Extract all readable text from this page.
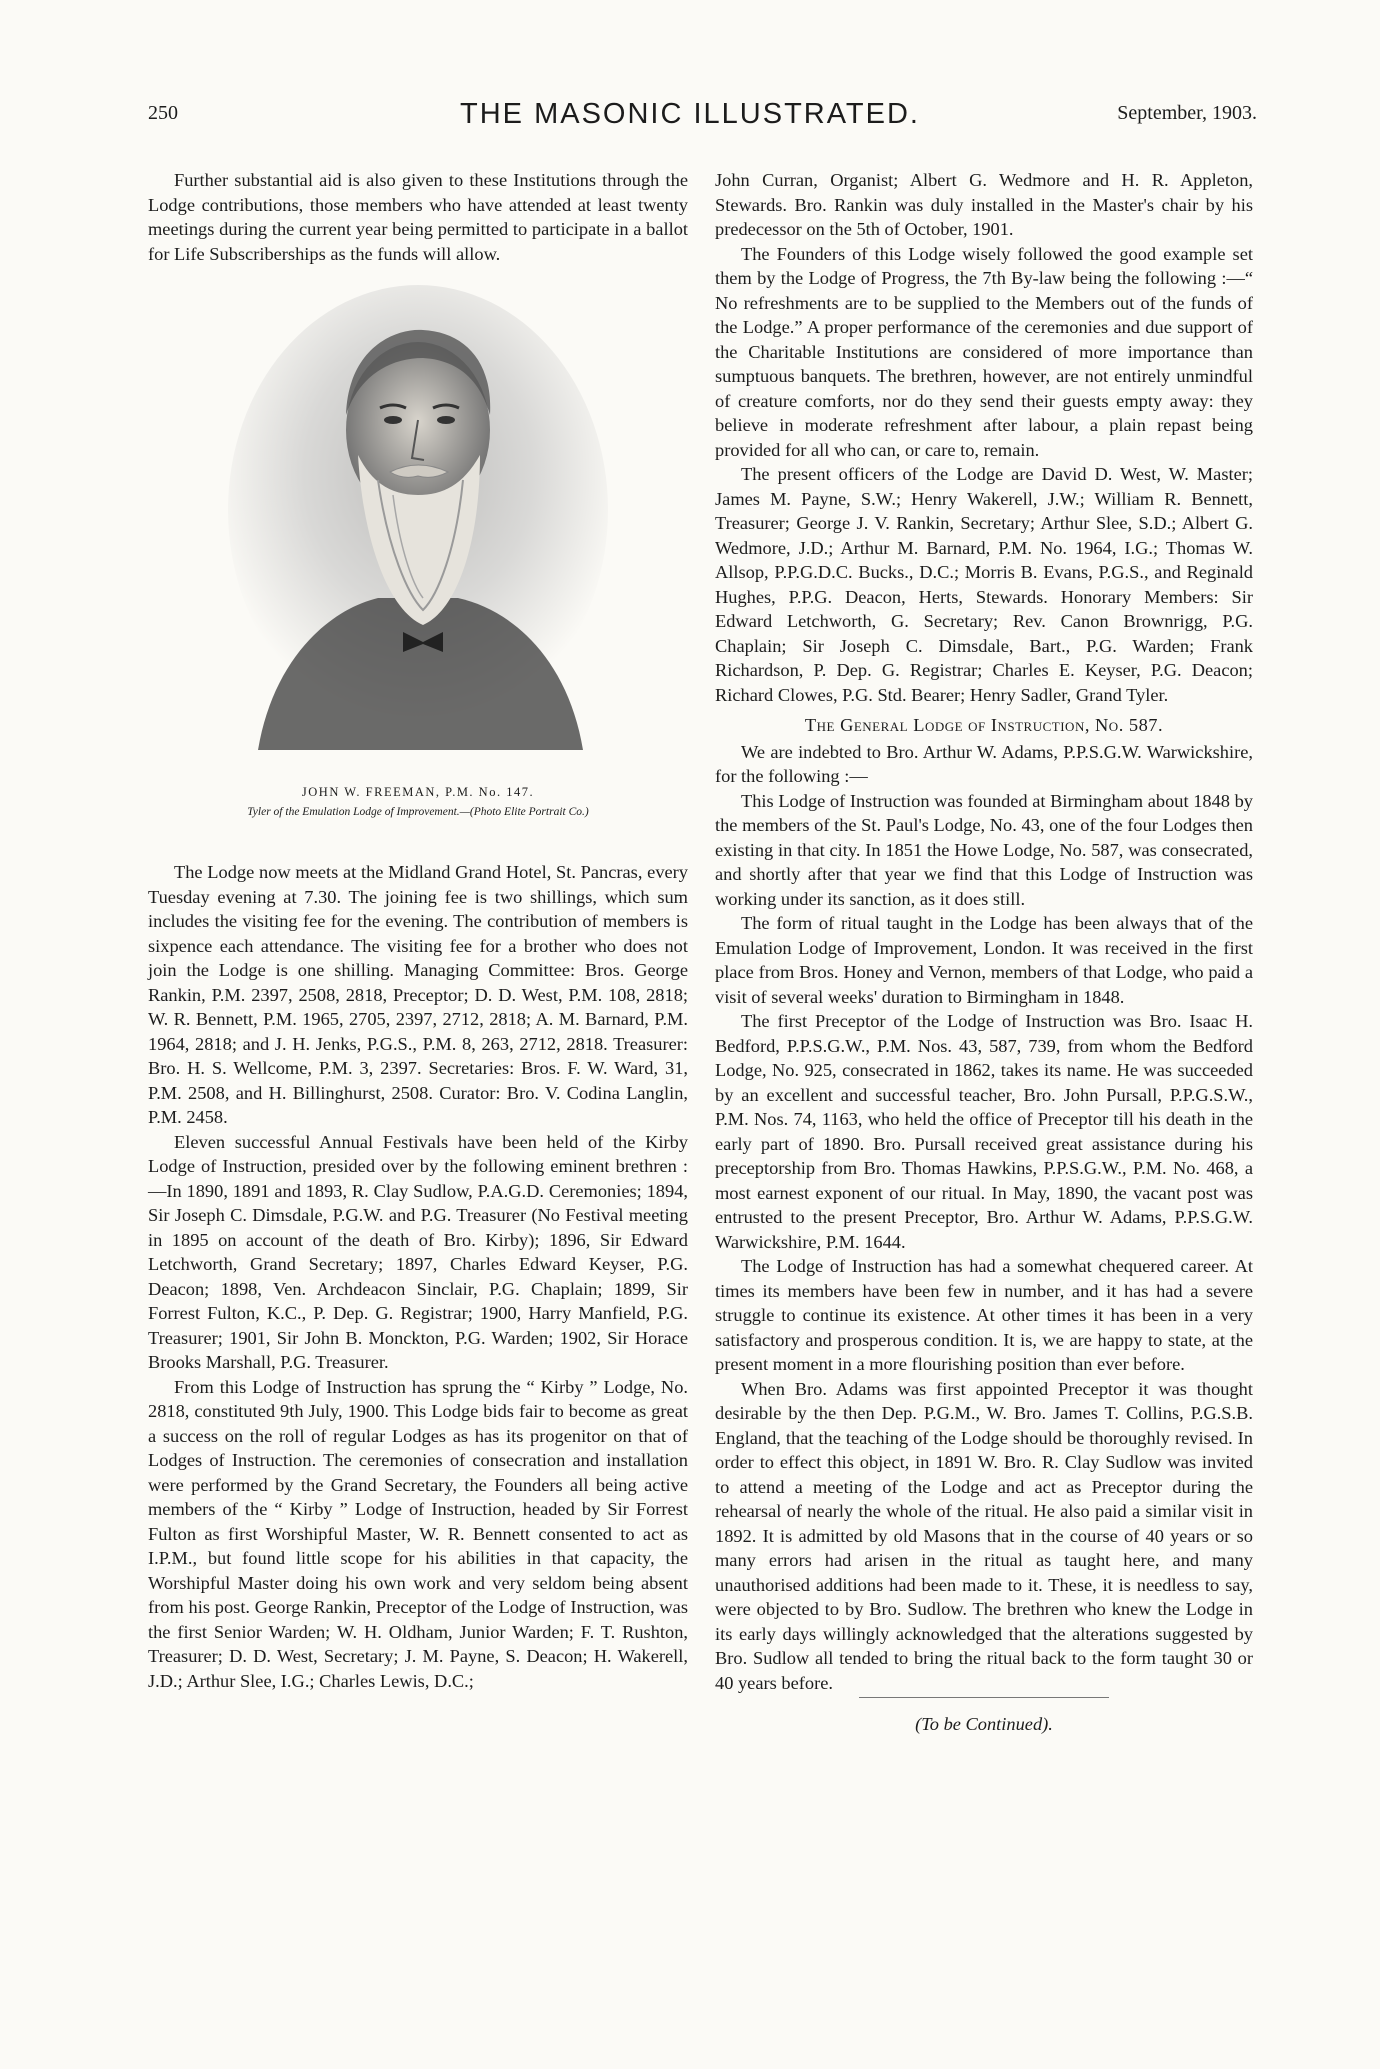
250	THE MASONIC ILLUSTRATED.	September, 1903.

Further substantial aid is also given to these Institutions through the Lodge contributions, those members who have attended at least twenty meetings during the current year being permitted to participate in a ballot for Life Subscriberships as the funds will allow.

JOHN W. FREEMAN, P.M. No. 147.
Tyler of the Emulation Lodge of Improvement.—(Photo Elite Portrait Co.)

The Lodge now meets at the Midland Grand Hotel, St. Pancras, every Tuesday evening at 7.30. The joining fee is two shillings, which sum includes the visiting fee for the evening. The contribution of members is sixpence each attendance. The visiting fee for a brother who does not join the Lodge is one shilling. Managing Committee: Bros. George Rankin, P.M. 2397, 2508, 2818, Preceptor; D. D. West, P.M. 108, 2818; W. R. Bennett, P.M. 1965, 2705, 2397, 2712, 2818; A. M. Barnard, P.M. 1964, 2818; and J. H. Jenks, P.G.S., P.M. 8, 263, 2712, 2818. Treasurer: Bro. H. S. Wellcome, P.M. 3, 2397. Secretaries: Bros. F. W. Ward, 31, P.M. 2508, and H. Billinghurst, 2508. Curator: Bro. V. Codina Langlin, P.M. 2458.

Eleven successful Annual Festivals have been held of the Kirby Lodge of Instruction, presided over by the following eminent brethren :—In 1890, 1891 and 1893, R. Clay Sudlow, P.A.G.D. Ceremonies; 1894, Sir Joseph C. Dimsdale, P.G.W. and P.G. Treasurer (No Festival meeting in 1895 on account of the death of Bro. Kirby); 1896, Sir Edward Letchworth, Grand Secretary; 1897, Charles Edward Keyser, P.G. Deacon; 1898, Ven. Archdeacon Sinclair, P.G. Chaplain; 1899, Sir Forrest Fulton, K.C., P. Dep. G. Registrar; 1900, Harry Manfield, P.G. Treasurer; 1901, Sir John B. Monckton, P.G. Warden; 1902, Sir Horace Brooks Marshall, P.G. Treasurer.

From this Lodge of Instruction has sprung the “ Kirby ” Lodge, No. 2818, constituted 9th July, 1900. This Lodge bids fair to become as great a success on the roll of regular Lodges as has its progenitor on that of Lodges of Instruction. The ceremonies of consecration and installation were performed by the Grand Secretary, the Founders all being active members of the “ Kirby ” Lodge of Instruction, headed by Sir Forrest Fulton as first Worshipful Master, W. R. Bennett consented to act as I.P.M., but found little scope for his abilities in that capacity, the Worshipful Master doing his own work and very seldom being absent from his post. George Rankin, Preceptor of the Lodge of Instruction, was the first Senior Warden; W. H. Oldham, Junior Warden; F. T. Rushton, Treasurer; D. D. West, Secretary; J. M. Payne, S. Deacon; H. Wakerell, J.D.; Arthur Slee, I.G.; Charles Lewis, D.C.;

John Curran, Organist; Albert G. Wedmore and H. R. Appleton, Stewards. Bro. Rankin was duly installed in the Master's chair by his predecessor on the 5th of October, 1901.

The Founders of this Lodge wisely followed the good example set them by the Lodge of Progress, the 7th By-law being the following :—“ No refreshments are to be supplied to the Members out of the funds of the Lodge.” A proper performance of the ceremonies and due support of the Charitable Institutions are considered of more importance than sumptuous banquets. The brethren, however, are not entirely unmindful of creature comforts, nor do they send their guests empty away: they believe in moderate refreshment after labour, a plain repast being provided for all who can, or care to, remain.

The present officers of the Lodge are David D. West, W. Master; James M. Payne, S.W.; Henry Wakerell, J.W.; William R. Bennett, Treasurer; George J. V. Rankin, Secretary; Arthur Slee, S.D.; Albert G. Wedmore, J.D.; Arthur M. Barnard, P.M. No. 1964, I.G.; Thomas W. Allsop, P.P.G.D.C. Bucks., D.C.; Morris B. Evans, P.G.S., and Reginald Hughes, P.P.G. Deacon, Herts, Stewards. Honorary Members: Sir Edward Letchworth, G. Secretary; Rev. Canon Brownrigg, P.G. Chaplain; Sir Joseph C. Dimsdale, Bart., P.G. Warden; Frank Richardson, P. Dep. G. Registrar; Charles E. Keyser, P.G. Deacon; Richard Clowes, P.G. Std. Bearer; Henry Sadler, Grand Tyler.

The General Lodge of Instruction, No. 587.

We are indebted to Bro. Arthur W. Adams, P.P.S.G.W. Warwickshire, for the following :—

This Lodge of Instruction was founded at Birmingham about 1848 by the members of the St. Paul's Lodge, No. 43, one of the four Lodges then existing in that city. In 1851 the Howe Lodge, No. 587, was consecrated, and shortly after that year we find that this Lodge of Instruction was working under its sanction, as it does still.

The form of ritual taught in the Lodge has been always that of the Emulation Lodge of Improvement, London. It was received in the first place from Bros. Honey and Vernon, members of that Lodge, who paid a visit of several weeks' duration to Birmingham in 1848.

The first Preceptor of the Lodge of Instruction was Bro. Isaac H. Bedford, P.P.S.G.W., P.M. Nos. 43, 587, 739, from whom the Bedford Lodge, No. 925, consecrated in 1862, takes its name. He was succeeded by an excellent and successful teacher, Bro. John Pursall, P.P.G.S.W., P.M. Nos. 74, 1163, who held the office of Preceptor till his death in the early part of 1890. Bro. Pursall received great assistance during his preceptorship from Bro. Thomas Hawkins, P.P.S.G.W., P.M. No. 468, a most earnest exponent of our ritual. In May, 1890, the vacant post was entrusted to the present Preceptor, Bro. Arthur W. Adams, P.P.S.G.W. Warwickshire, P.M. 1644.

The Lodge of Instruction has had a somewhat chequered career. At times its members have been few in number, and it has had a severe struggle to continue its existence. At other times it has been in a very satisfactory and prosperous condition. It is, we are happy to state, at the present moment in a more flourishing position than ever before.

When Bro. Adams was first appointed Preceptor it was thought desirable by the then Dep. P.G.M., W. Bro. James T. Collins, P.G.S.B. England, that the teaching of the Lodge should be thoroughly revised. In order to effect this object, in 1891 W. Bro. R. Clay Sudlow was invited to attend a meeting of the Lodge and act as Preceptor during the rehearsal of nearly the whole of the ritual. He also paid a similar visit in 1892. It is admitted by old Masons that in the course of 40 years or so many errors had arisen in the ritual as taught here, and many unauthorised additions had been made to it. These, it is needless to say, were objected to by Bro. Sudlow. The brethren who knew the Lodge in its early days willingly acknowledged that the alterations suggested by Bro. Sudlow all tended to bring the ritual back to the form taught 30 or 40 years before.

(To be Continued).
